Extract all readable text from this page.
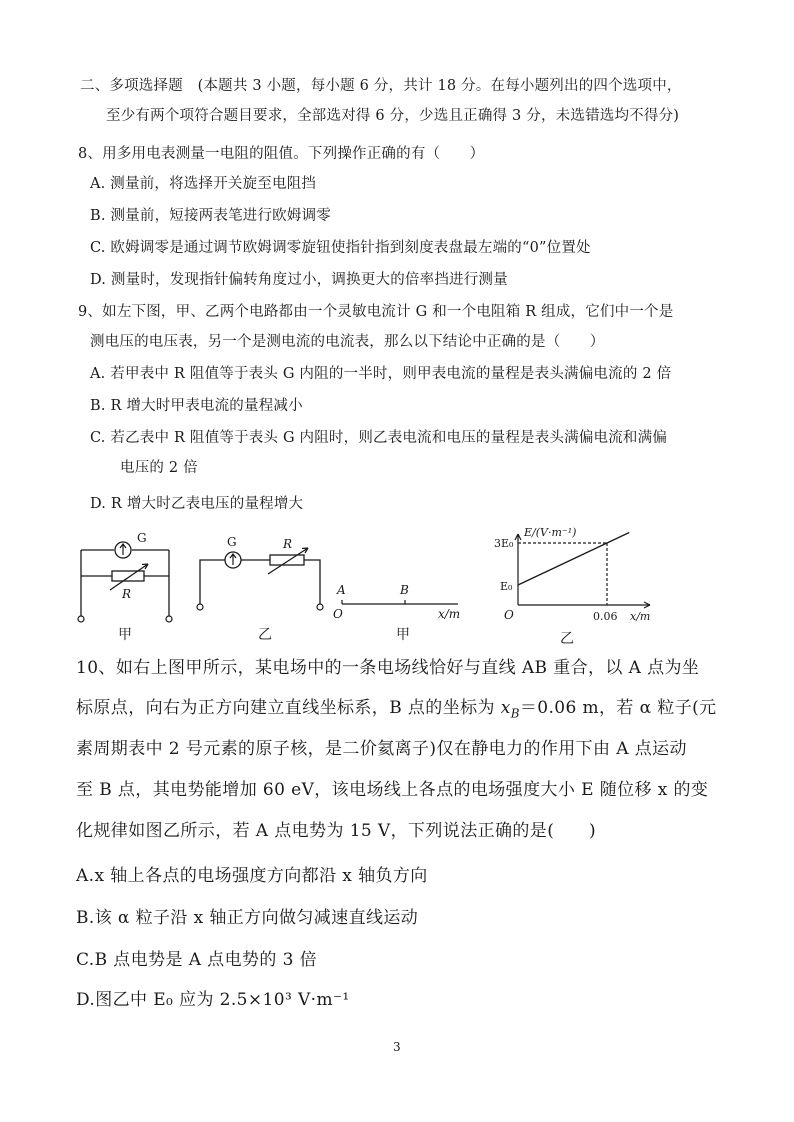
二、多项选择题　(本题共 3 小题，每小题 6 分，共计 18 分。在每小题列出的四个选项中，
至少有两个项符合题目要求，全部选对得 6 分，少选且正确得 3 分，未选错选均不得分)
8、用多用电表测量一电阻的阻值。下列操作正确的有（　　）
A. 测量前，将选择开关旋至电阻挡
B. 测量前，短接两表笔进行欧姆调零
C. 欧姆调零是通过调节欧姆调零旋钮使指针指到刻度表盘最左端的“0”位置处
D. 测量时，发现指针偏转角度过小，调换更大的倍率挡进行测量
9、如左下图，甲、乙两个电路都由一个灵敏电流计 G 和一个电阻箱 R 组成，它们中一个是
测电压的电压表，另一个是测电流的电流表，那么以下结论中正确的是（　　）
A. 若甲表中 R 阻值等于表头 G 内阻的一半时，则甲表电流的量程是表头满偏电流的 2 倍
B. R 增大时甲表电流的量程减小
C. 若乙表中 R 阻值等于表头 G 内阻时，则乙表电流和电压的量程是表头满偏电流和满偏
电压的 2 倍
D. R 增大时乙表电压的量程增大
G
R
甲
G	R
乙
A	B
O	x/m
甲
E/(V·m⁻¹)
3E₀
E₀
O	0.06 x/m
乙
10、如右上图甲所示，某电场中的一条电场线恰好与直线 AB 重合，以 A 点为坐
标原点，向右为正方向建立直线坐标系，B 点的坐标为 $x_B=0.06$ m，若 α 粒子(元
素周期表中 2 号元素的原子核，是二价氦离子)仅在静电力的作用下由 A 点运动
至 B 点，其电势能增加 60 eV，该电场线上各点的电场强度大小 E 随位移 x 的变
化规律如图乙所示，若 A 点电势为 15 V，下列说法正确的是(　　)
A.x 轴上各点的电场强度方向都沿 x 轴负方向
B.该 α 粒子沿 x 轴正方向做匀减速直线运动
C.B 点电势是 A 点电势的 3 倍
D.图乙中 E₀ 应为 2.5×10³ V·m⁻¹
3
